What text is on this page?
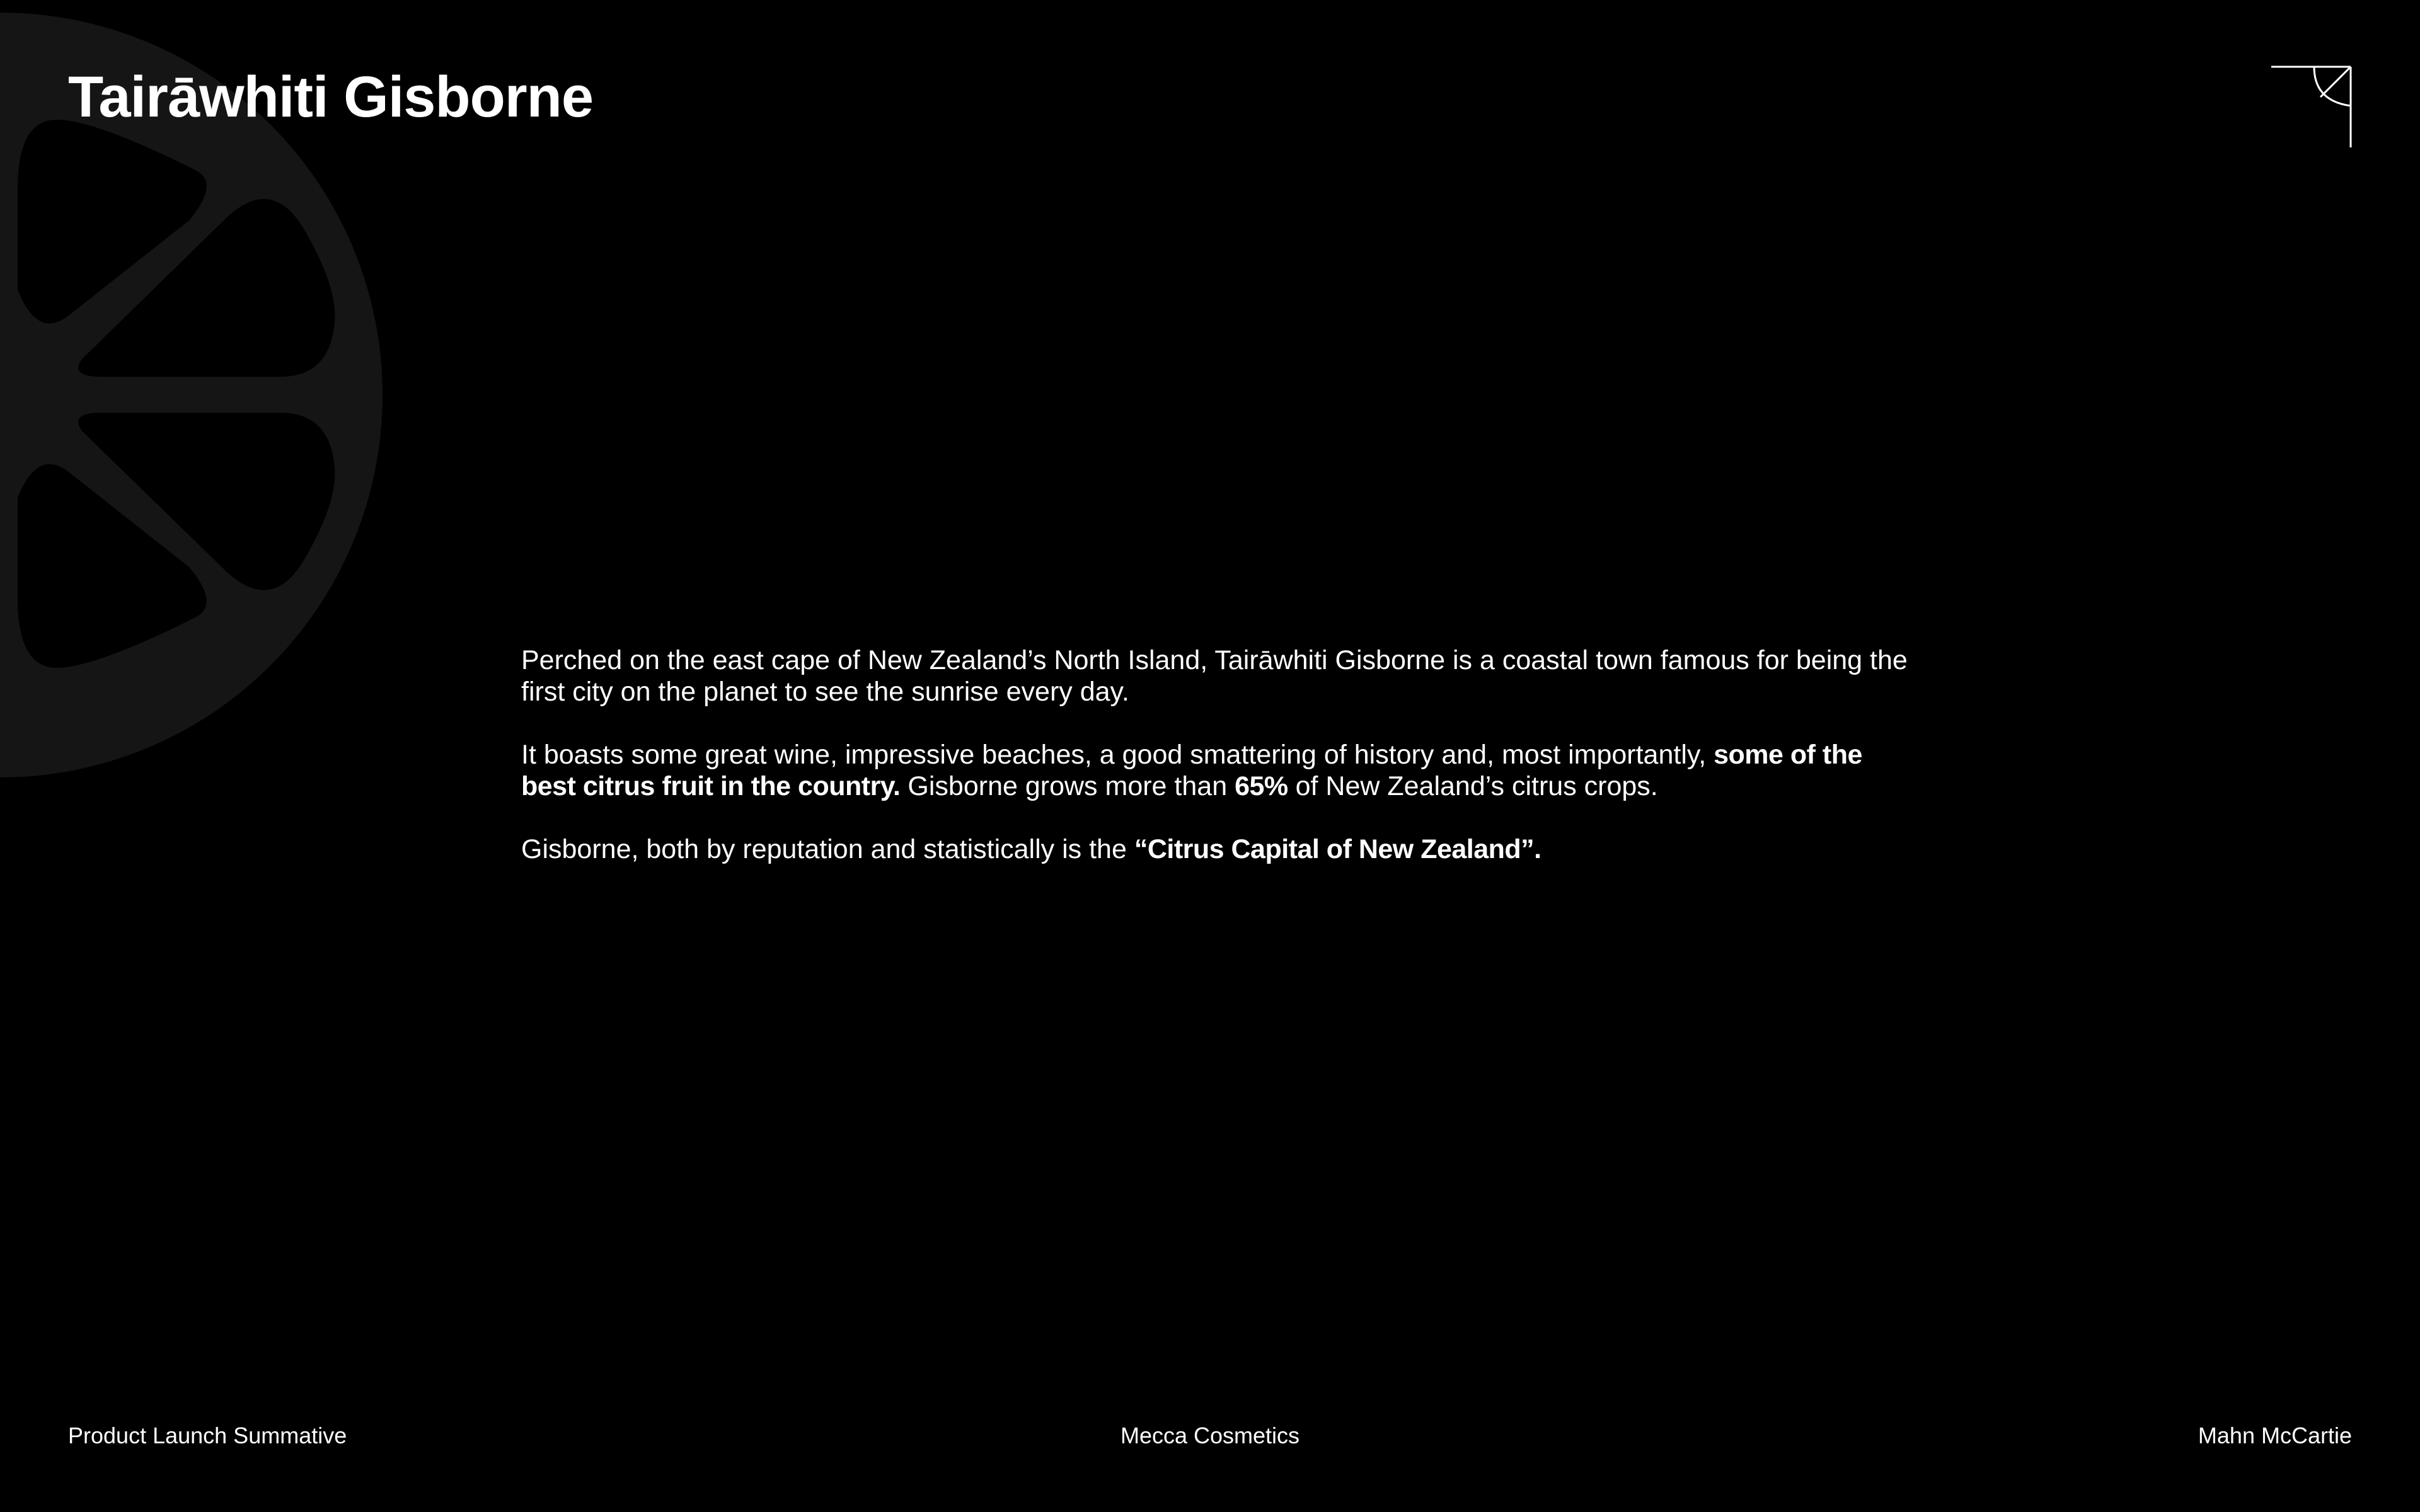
Tairāwhiti Gisborne

Perched on the east cape of New Zealand’s North Island, Tairāwhiti Gisborne is a coastal town famous for being the first city on the planet to see the sunrise every day.

It boasts some great wine, impressive beaches, a good smattering of history and, most importantly, some of the best citrus fruit in the country. Gisborne grows more than 65% of New Zealand’s citrus crops.

Gisborne, both by reputation and statistically is the “Citrus Capital of New Zealand”.

Product Launch Summative	Mecca Cosmetics	Mahn McCartie
